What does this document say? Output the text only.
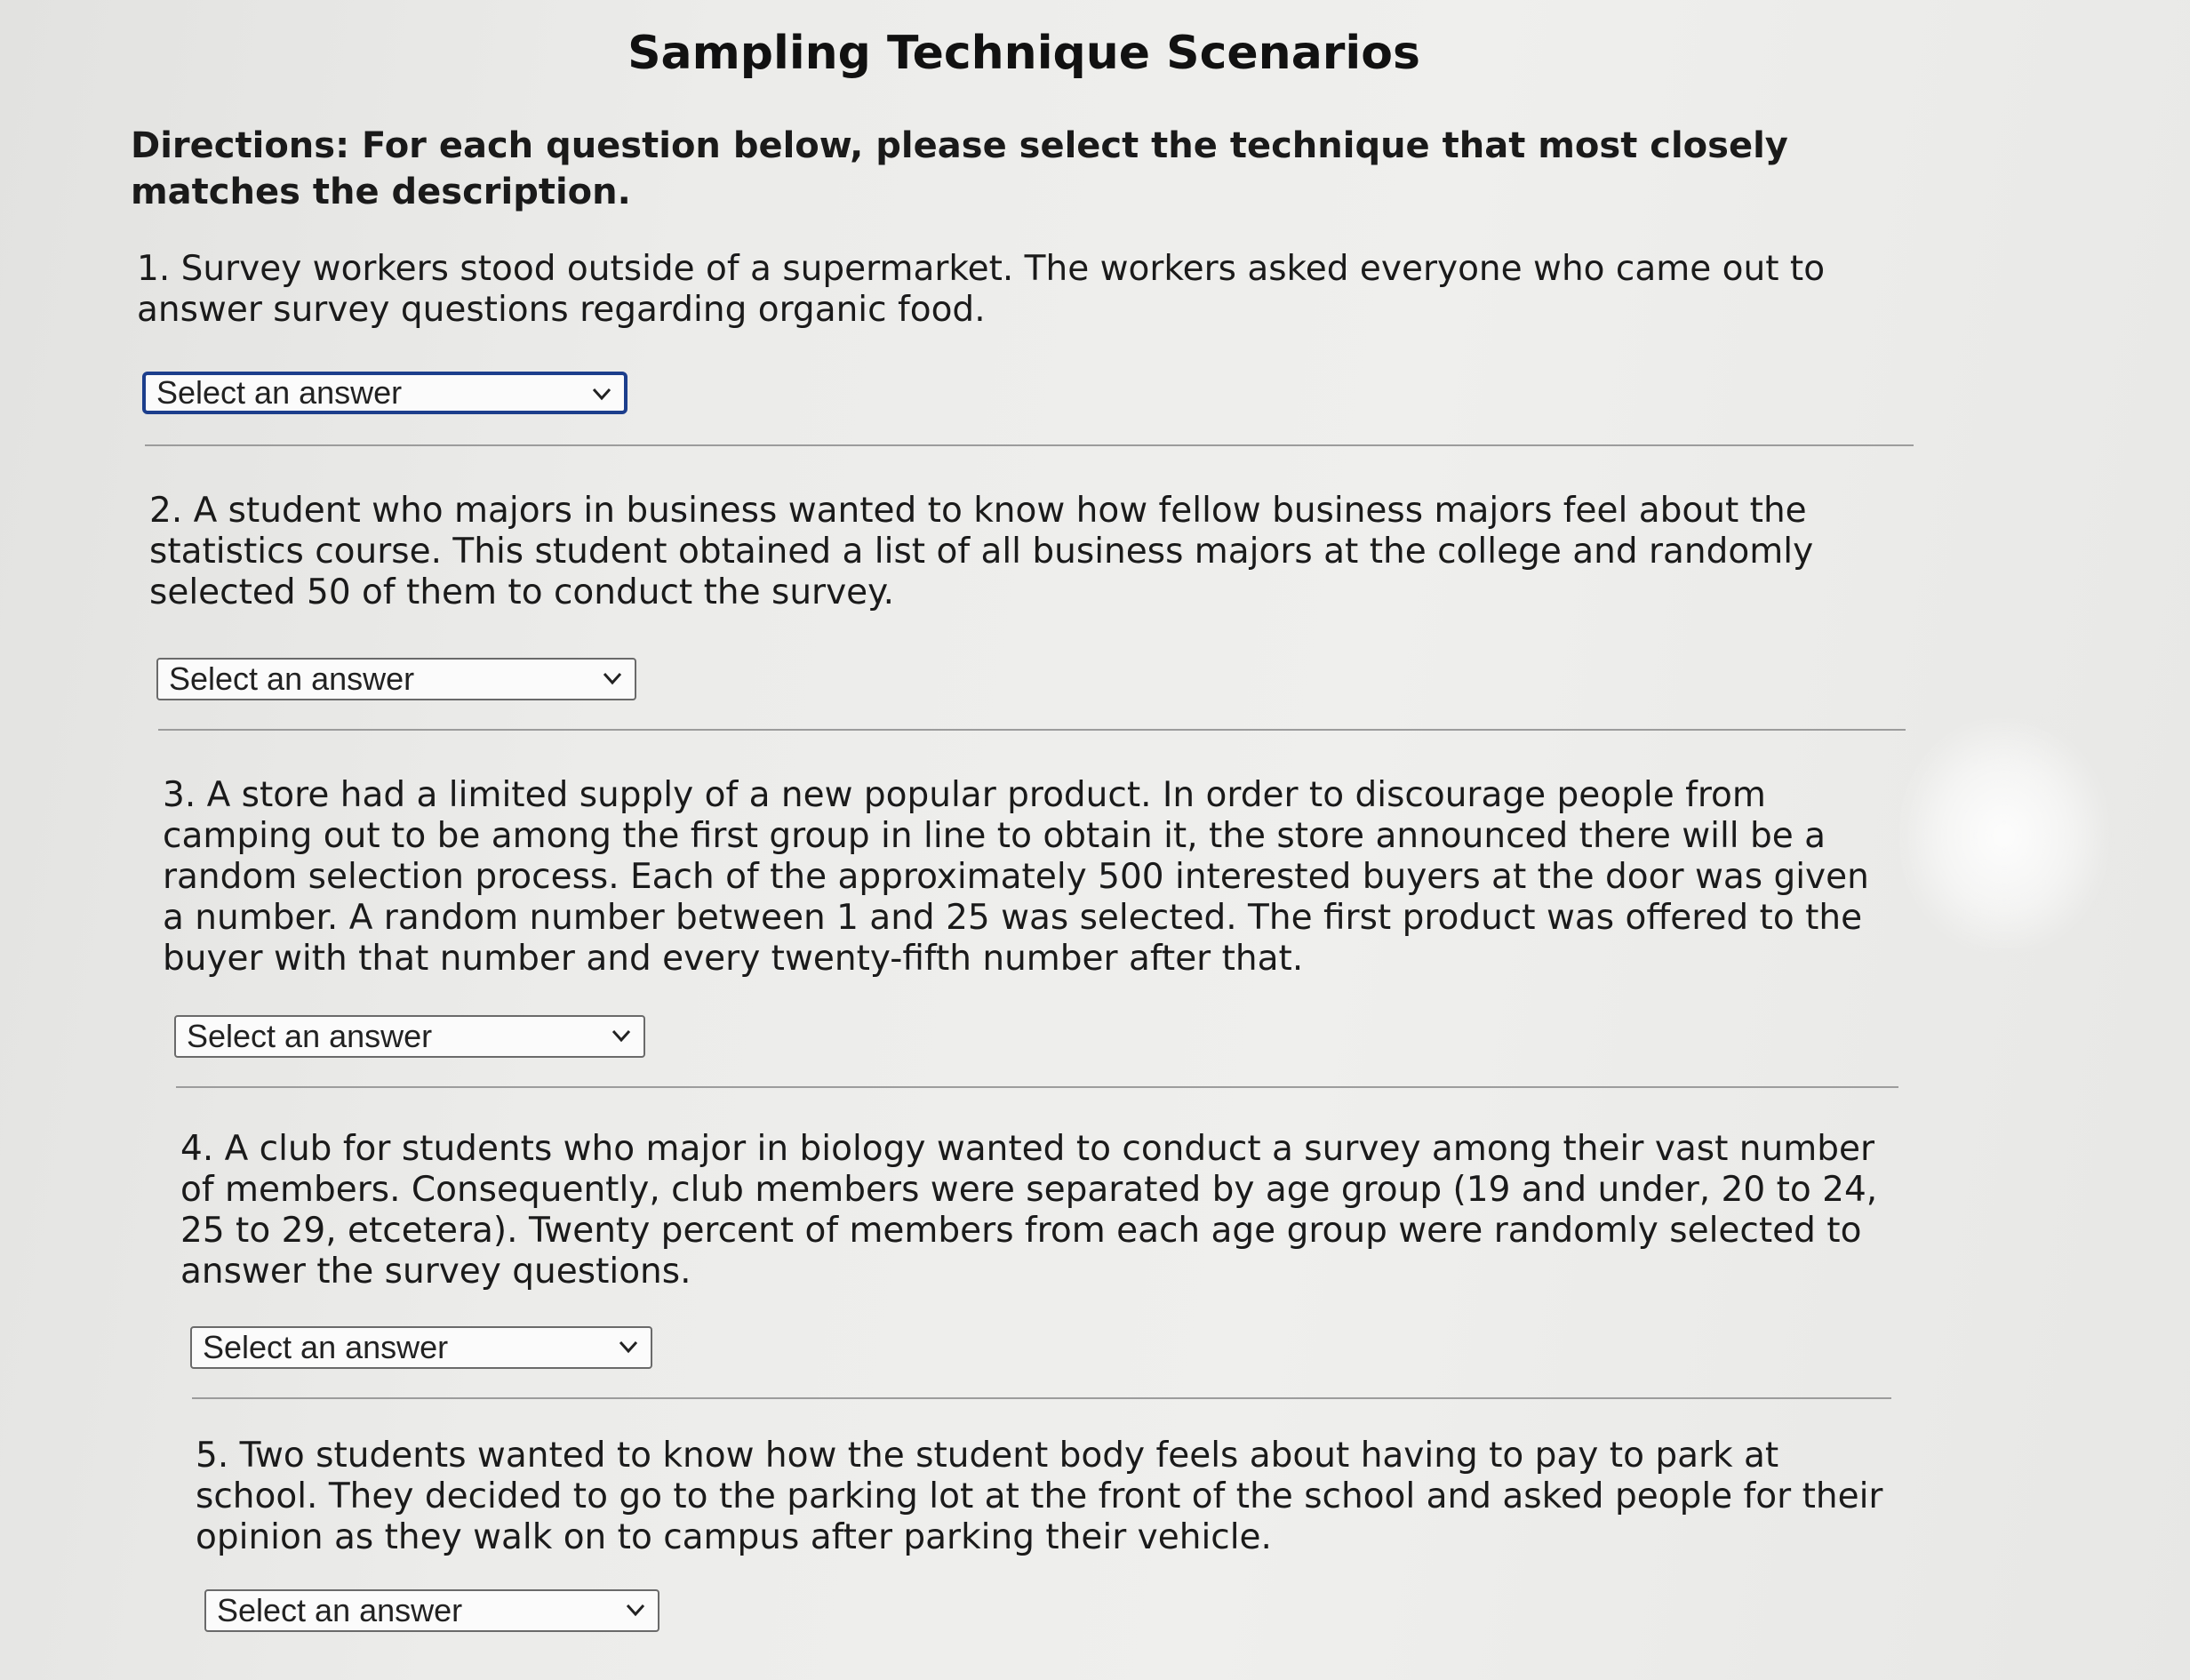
Sampling Technique Scenarios
Directions: For each question below, please select the technique that most closely matches the description.
1. Survey workers stood outside of a supermarket. The workers asked everyone who came out to answer survey questions regarding organic food.
Select an answer
2. A student who majors in business wanted to know how fellow business majors feel about the statistics course. This student obtained a list of all business majors at the college and randomly selected 50 of them to conduct the survey.
Select an answer
3. A store had a limited supply of a new popular product. In order to discourage people from camping out to be among the first group in line to obtain it, the store announced there will be a random selection process. Each of the approximately 500 interested buyers at the door was given a number. A random number between 1 and 25 was selected. The first product was offered to the buyer with that number and every twenty-fifth number after that.
Select an answer
4. A club for students who major in biology wanted to conduct a survey among their vast number of members. Consequently, club members were separated by age group (19 and under, 20 to 24, 25 to 29, etcetera). Twenty percent of members from each age group were randomly selected to answer the survey questions.
Select an answer
5. Two students wanted to know how the student body feels about having to pay to park at school. They decided to go to the parking lot at the front of the school and asked people for their opinion as they walk on to campus after parking their vehicle.
Select an answer
